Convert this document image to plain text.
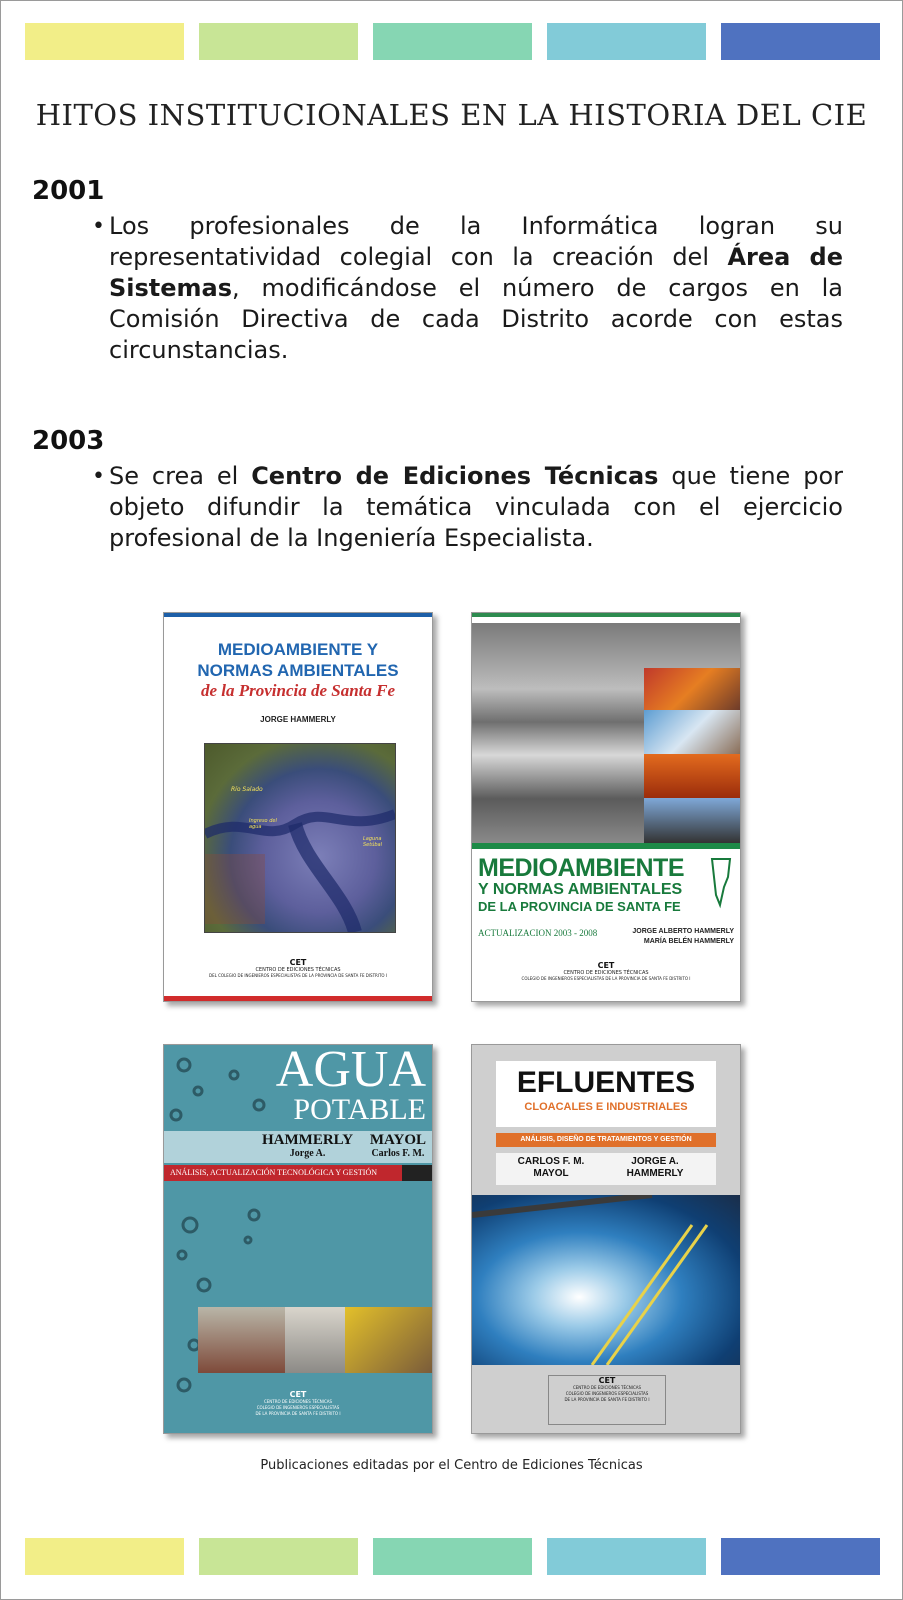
HITOS INSTITUCIONALES EN LA HISTORIA DEL CIE
2001
• Los profesionales de la Informática logran su representatividad colegial con la creación del Área de Sistemas, modificándose el número de cargos en la Comisión Directiva de cada Distrito acorde con estas circunstancias.
2003
• Se crea el Centro de Ediciones Técnicas que tiene por objeto difundir la temática vinculada con el ejercicio profesional de la Ingeniería Especialista.
MEDIOAMBIENTE Y
NORMAS AMBIENTALES
de la Provincia de Santa Fe
JORGE HAMMERLY
Río Salado
Ingreso del agua
Laguna Setúbal
CET
CENTRO DE EDICIONES TÉCNICAS
DEL COLEGIO DE INGENIEROS ESPECIALISTAS DE LA PROVINCIA DE SANTA FE DISTRITO I
MEDIOAMBIENTE
Y NORMAS AMBIENTALES
DE LA PROVINCIA DE SANTA FE
ACTUALIZACION 2003 - 2008	JORGE ALBERTO HAMMERLY
MARÍA BELÉN HAMMERLY
CET
CENTRO DE EDICIONES TÉCNICAS
COLEGIO DE INGENIEROS ESPECIALISTAS DE LA PROVINCIA DE SANTA FE DISTRITO I
AGUA
POTABLE
HAMMERLY
Jorge A.
MAYOL
Carlos F. M.
ANÁLISIS, ACTUALIZACIÓN TECNOLÓGICA Y GESTIÓN
CET
CENTRO DE EDICIONES TÉCNICAS
COLEGIO DE INGENIEROS ESPECIALISTAS
DE LA PROVINCIA DE SANTA FE DISTRITO I
EFLUENTES
CLOACALES E INDUSTRIALES
ANÁLISIS, DISEÑO DE TRATAMIENTOS Y GESTIÓN
CARLOS F. M.
MAYOL
JORGE A.
HAMMERLY
CET
CENTRO DE EDICIONES TÉCNICAS
COLEGIO DE INGENIEROS ESPECIALISTAS
DE LA PROVINCIA DE SANTA FE DISTRITO I
Publicaciones editadas por el Centro de Ediciones Técnicas
